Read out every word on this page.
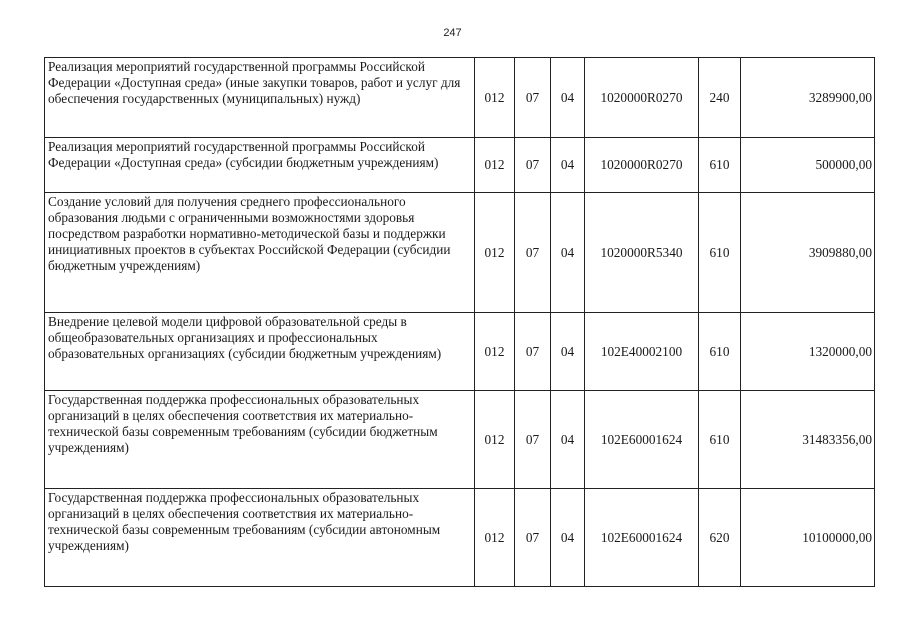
247
Реализация мероприятий государственной программы Российской Федерации «Доступная среда» (иные закупки товаров, работ и услуг для обеспечения государственных (муниципальных) нужд)	012	07	04	1020000R0270	240	3289900,00
Реализация мероприятий государственной программы Российской Федерации «Доступная среда» (субсидии бюджетным учреждениям)	012	07	04	1020000R0270	610	500000,00
Создание условий для получения среднего профессионального образования людьми с ограниченными возможностями здоровья посредством разработки нормативно-методической базы и поддержки инициативных проектов в субъектах Российской Федерации (субсидии бюджетным учреждениям)	012	07	04	1020000R5340	610	3909880,00
Внедрение целевой модели цифровой образовательной среды в общеобразовательных организациях и профессиональных образовательных организациях (субсидии бюджетным учреждениям)	012	07	04	102E40002100	610	1320000,00
Государственная поддержка профессиональных образовательных организаций в целях обеспечения соответствия их материально-технической базы современным требованиям (субсидии бюджетным учреждениям)	012	07	04	102E60001624	610	31483356,00
Государственная поддержка профессиональных образовательных организаций в целях обеспечения соответствия их материально-технической базы современным требованиям (субсидии автономным учреждениям)	012	07	04	102E60001624	620	10100000,00
